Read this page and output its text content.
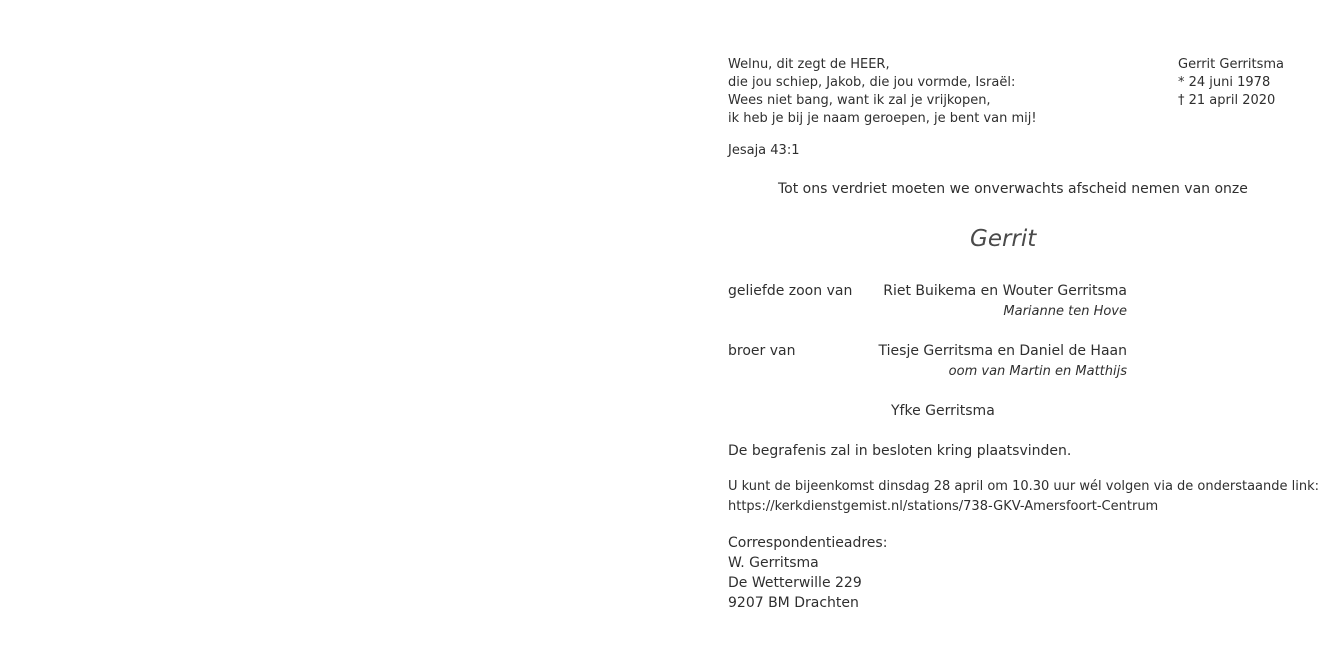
Welnu, dit zegt de HEER,
die jou schiep, Jakob, die jou vormde, Israël:
Wees niet bang, want ik zal je vrijkopen,
ik heb je bij je naam geroepen, je bent van mij!
Gerrit Gerritsma
* 24 juni 1978
† 21 april 2020
Jesaja 43:1
Tot ons verdriet moeten we onverwachts afscheid nemen van onze
Gerrit
geliefde zoon van Riet Buikema en Wouter Gerritsma
Marianne ten Hove
broer van	Tiesje Gerritsma en Daniel de Haan
oom van Martin en Matthijs
Yfke Gerritsma
De begrafenis zal in besloten kring plaatsvinden.
U kunt de bijeenkomst dinsdag 28 april om 10.30 uur wél volgen via de onderstaande link:
https://kerkdienstgemist.nl/stations/738-GKV-Amersfoort-Centrum
Correspondentieadres:
W. Gerritsma
De Wetterwille 229
9207 BM Drachten
